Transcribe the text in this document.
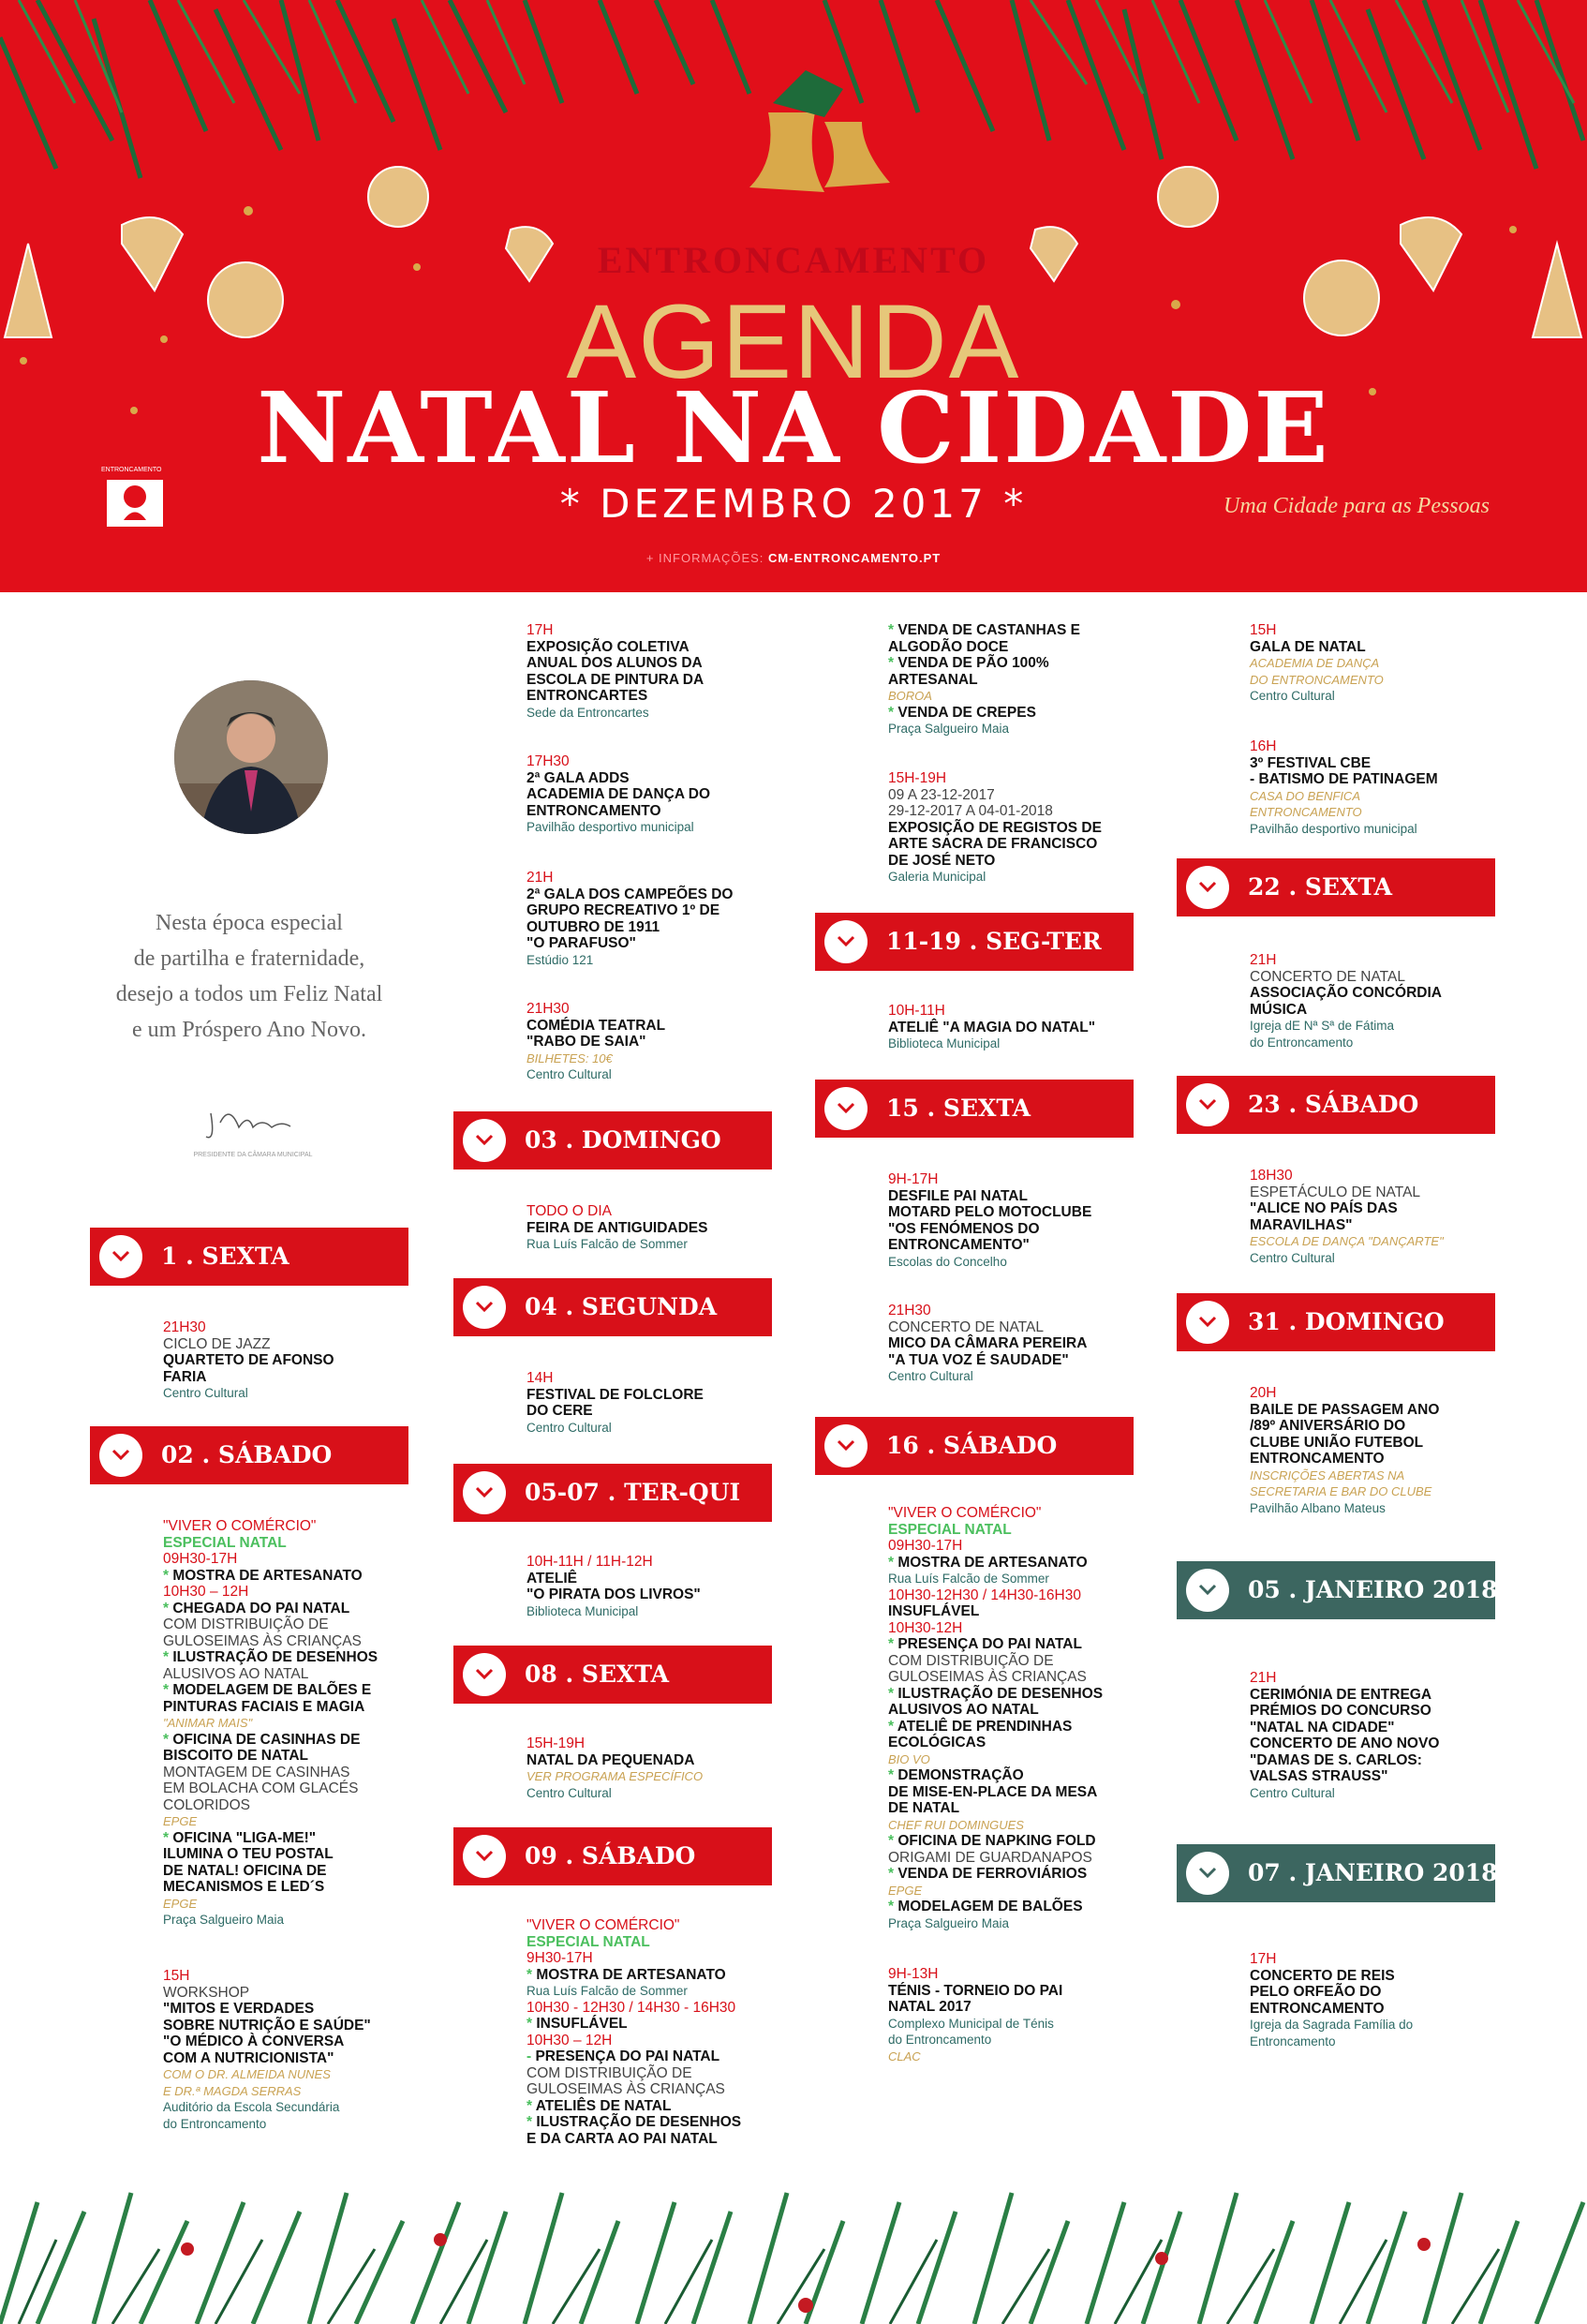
ENTRONCAMENTO
AGENDA
NATAL NA CIDADE
* DEZEMBRO 2017 *	Uma Cidade para as Pessoas
+ INFORMAÇÕES: CM-ENTRONCAMENTO.PT
ENTRONCAMENTO
Nesta época especial
de partilha e fraternidade,
desejo a todos um Feliz Natal
e um Próspero Ano Novo.
PRESIDENTE DA CÂMARA MUNICIPAL
1 . SEXTA
21H30
CICLO DE JAZZ
QUARTETO DE AFONSO
FARIA
Centro Cultural
02 . SÁBADO
"VIVER O COMÉRCIO"
ESPECIAL NATAL
09H30-17H
* MOSTRA DE ARTESANATO
10H30 – 12H
* CHEGADA DO PAI NATAL
COM DISTRIBUIÇÃO DE
GULOSEIMAS ÀS CRIANÇAS
* ILUSTRAÇÃO DE DESENHOS
ALUSIVOS AO NATAL
* MODELAGEM DE BALÕES E
PINTURAS FACIAIS E MAGIA
"ANIMAR MAIS"
* OFICINA DE CASINHAS DE
BISCOITO DE NATAL
MONTAGEM DE CASINHAS
EM BOLACHA COM GLACÉS
COLORIDOS
EPGE
* OFICINA "LIGA-ME!"
ILUMINA O TEU POSTAL
DE NATAL! OFICINA DE
MECANISMOS E LED´S
EPGE
Praça Salgueiro Maia
15H
WORKSHOP
"MITOS E VERDADES
SOBRE NUTRIÇÃO E SAÚDE"
"O MÉDICO À CONVERSA
COM A NUTRICIONISTA"
COM O DR. ALMEIDA NUNES
E DR.ª MAGDA SERRAS
Auditório da Escola Secundária
do Entroncamento
17H
EXPOSIÇÃO COLETIVA
ANUAL DOS ALUNOS DA
ESCOLA DE PINTURA DA
ENTRONCARTES
Sede da Entroncartes
17H30
2ª GALA ADDS
ACADEMIA DE DANÇA DO
ENTRONCAMENTO
Pavilhão desportivo municipal
21H
2ª GALA DOS CAMPEÕES DO
GRUPO RECREATIVO 1º DE
OUTUBRO DE 1911
"O PARAFUSO"
Estúdio 121
21H30
COMÉDIA TEATRAL
"RABO DE SAIA"
BILHETES: 10€
Centro Cultural
03 . DOMINGO
TODO O DIA
FEIRA DE ANTIGUIDADES
Rua Luís Falcão de Sommer
04 . SEGUNDA
14H
FESTIVAL DE FOLCLORE
DO CERE
Centro Cultural
05-07 . TER-QUI
10H-11H / 11H-12H
ATELIÊ
"O PIRATA DOS LIVROS"
Biblioteca Municipal
08 . SEXTA
15H-19H
NATAL DA PEQUENADA
VER PROGRAMA ESPECÍFICO
Centro Cultural
09 . SÁBADO
"VIVER O COMÉRCIO"
ESPECIAL NATAL
9H30-17H
* MOSTRA DE ARTESANATO
Rua Luís Falcão de Sommer
10H30 - 12H30 / 14H30 - 16H30
* INSUFLÁVEL
10H30 – 12H
- PRESENÇA DO PAI NATAL
COM DISTRIBUIÇÃO DE
GULOSEIMAS ÀS CRIANÇAS
* ATELIÊS DE NATAL
* ILUSTRAÇÃO DE DESENHOS
E DA CARTA AO PAI NATAL
* VENDA DE CASTANHAS E
ALGODÃO DOCE
* VENDA DE PÃO 100%
ARTESANAL
BOROA
* VENDA DE CREPES
Praça Salgueiro Maia
15H-19H
09 A 23-12-2017
29-12-2017 A 04-01-2018
EXPOSIÇÃO DE REGISTOS DE
ARTE SACRA DE FRANCISCO
DE JOSÉ NETO
Galeria Municipal
11-19 . SEG-TER
10H-11H
ATELIÊ "A MAGIA DO NATAL"
Biblioteca Municipal
15 . SEXTA
9H-17H
DESFILE PAI NATAL
MOTARD PELO MOTOCLUBE
"OS FENÓMENOS DO
ENTRONCAMENTO"
Escolas do Concelho
21H30
CONCERTO DE NATAL
MICO DA CÂMARA PEREIRA
"A TUA VOZ É SAUDADE"
Centro Cultural
16 . SÁBADO
"VIVER O COMÉRCIO"
ESPECIAL NATAL
09H30-17H
* MOSTRA DE ARTESANATO
Rua Luís Falcão de Sommer
10H30-12H30 / 14H30-16H30
INSUFLÁVEL
10H30-12H
* PRESENÇA DO PAI NATAL
COM DISTRIBUIÇÃO DE
GULOSEIMAS ÀS CRIANÇAS
* ILUSTRAÇÃO DE DESENHOS
ALUSIVOS AO NATAL
* ATELIÊ DE PRENDINHAS
ECOLÓGICAS
BIO VO
* DEMONSTRAÇÃO
DE MISE-EN-PLACE DA MESA
DE NATAL
CHEF RUI DOMINGUES
* OFICINA DE NAPKING FOLD
ORIGAMI DE GUARDANAPOS
* VENDA DE FERROVIÁRIOS
EPGE
* MODELAGEM DE BALÕES
Praça Salgueiro Maia
9H-13H
TÉNIS - TORNEIO DO PAI
NATAL 2017
Complexo Municipal de Ténis
do Entroncamento
CLAC
15H
GALA DE NATAL
ACADEMIA DE DANÇA
DO ENTRONCAMENTO
Centro Cultural
16H
3º FESTIVAL CBE
- BATISMO DE PATINAGEM
CASA DO BENFICA
ENTRONCAMENTO
Pavilhão desportivo municipal
22 . SEXTA
21H
CONCERTO DE NATAL
ASSOCIAÇÃO CONCÓRDIA
MÚSICA
Igreja dE Nª Sª de Fátima
do Entroncamento
23 . SÁBADO
18H30
ESPETÁCULO DE NATAL
"ALICE NO PAÍS DAS
MARAVILHAS"
ESCOLA DE DANÇA "DANÇARTE"
Centro Cultural
31 . DOMINGO
20H
BAILE DE PASSAGEM ANO
/89º ANIVERSÁRIO DO
CLUBE UNIÃO FUTEBOL
ENTRONCAMENTO
INSCRIÇÕES ABERTAS NA
SECRETARIA E BAR DO CLUBE
Pavilhão Albano Mateus
05 . JANEIRO 2018
21H
CERIMÓNIA DE ENTREGA
PRÉMIOS DO CONCURSO
"NATAL NA CIDADE"
CONCERTO DE ANO NOVO
"DAMAS DE S. CARLOS:
VALSAS STRAUSS"
Centro Cultural
07 . JANEIRO 2018
17H
CONCERTO DE REIS
PELO ORFEÃO DO
ENTRONCAMENTO
Igreja da Sagrada Família do
Entroncamento
